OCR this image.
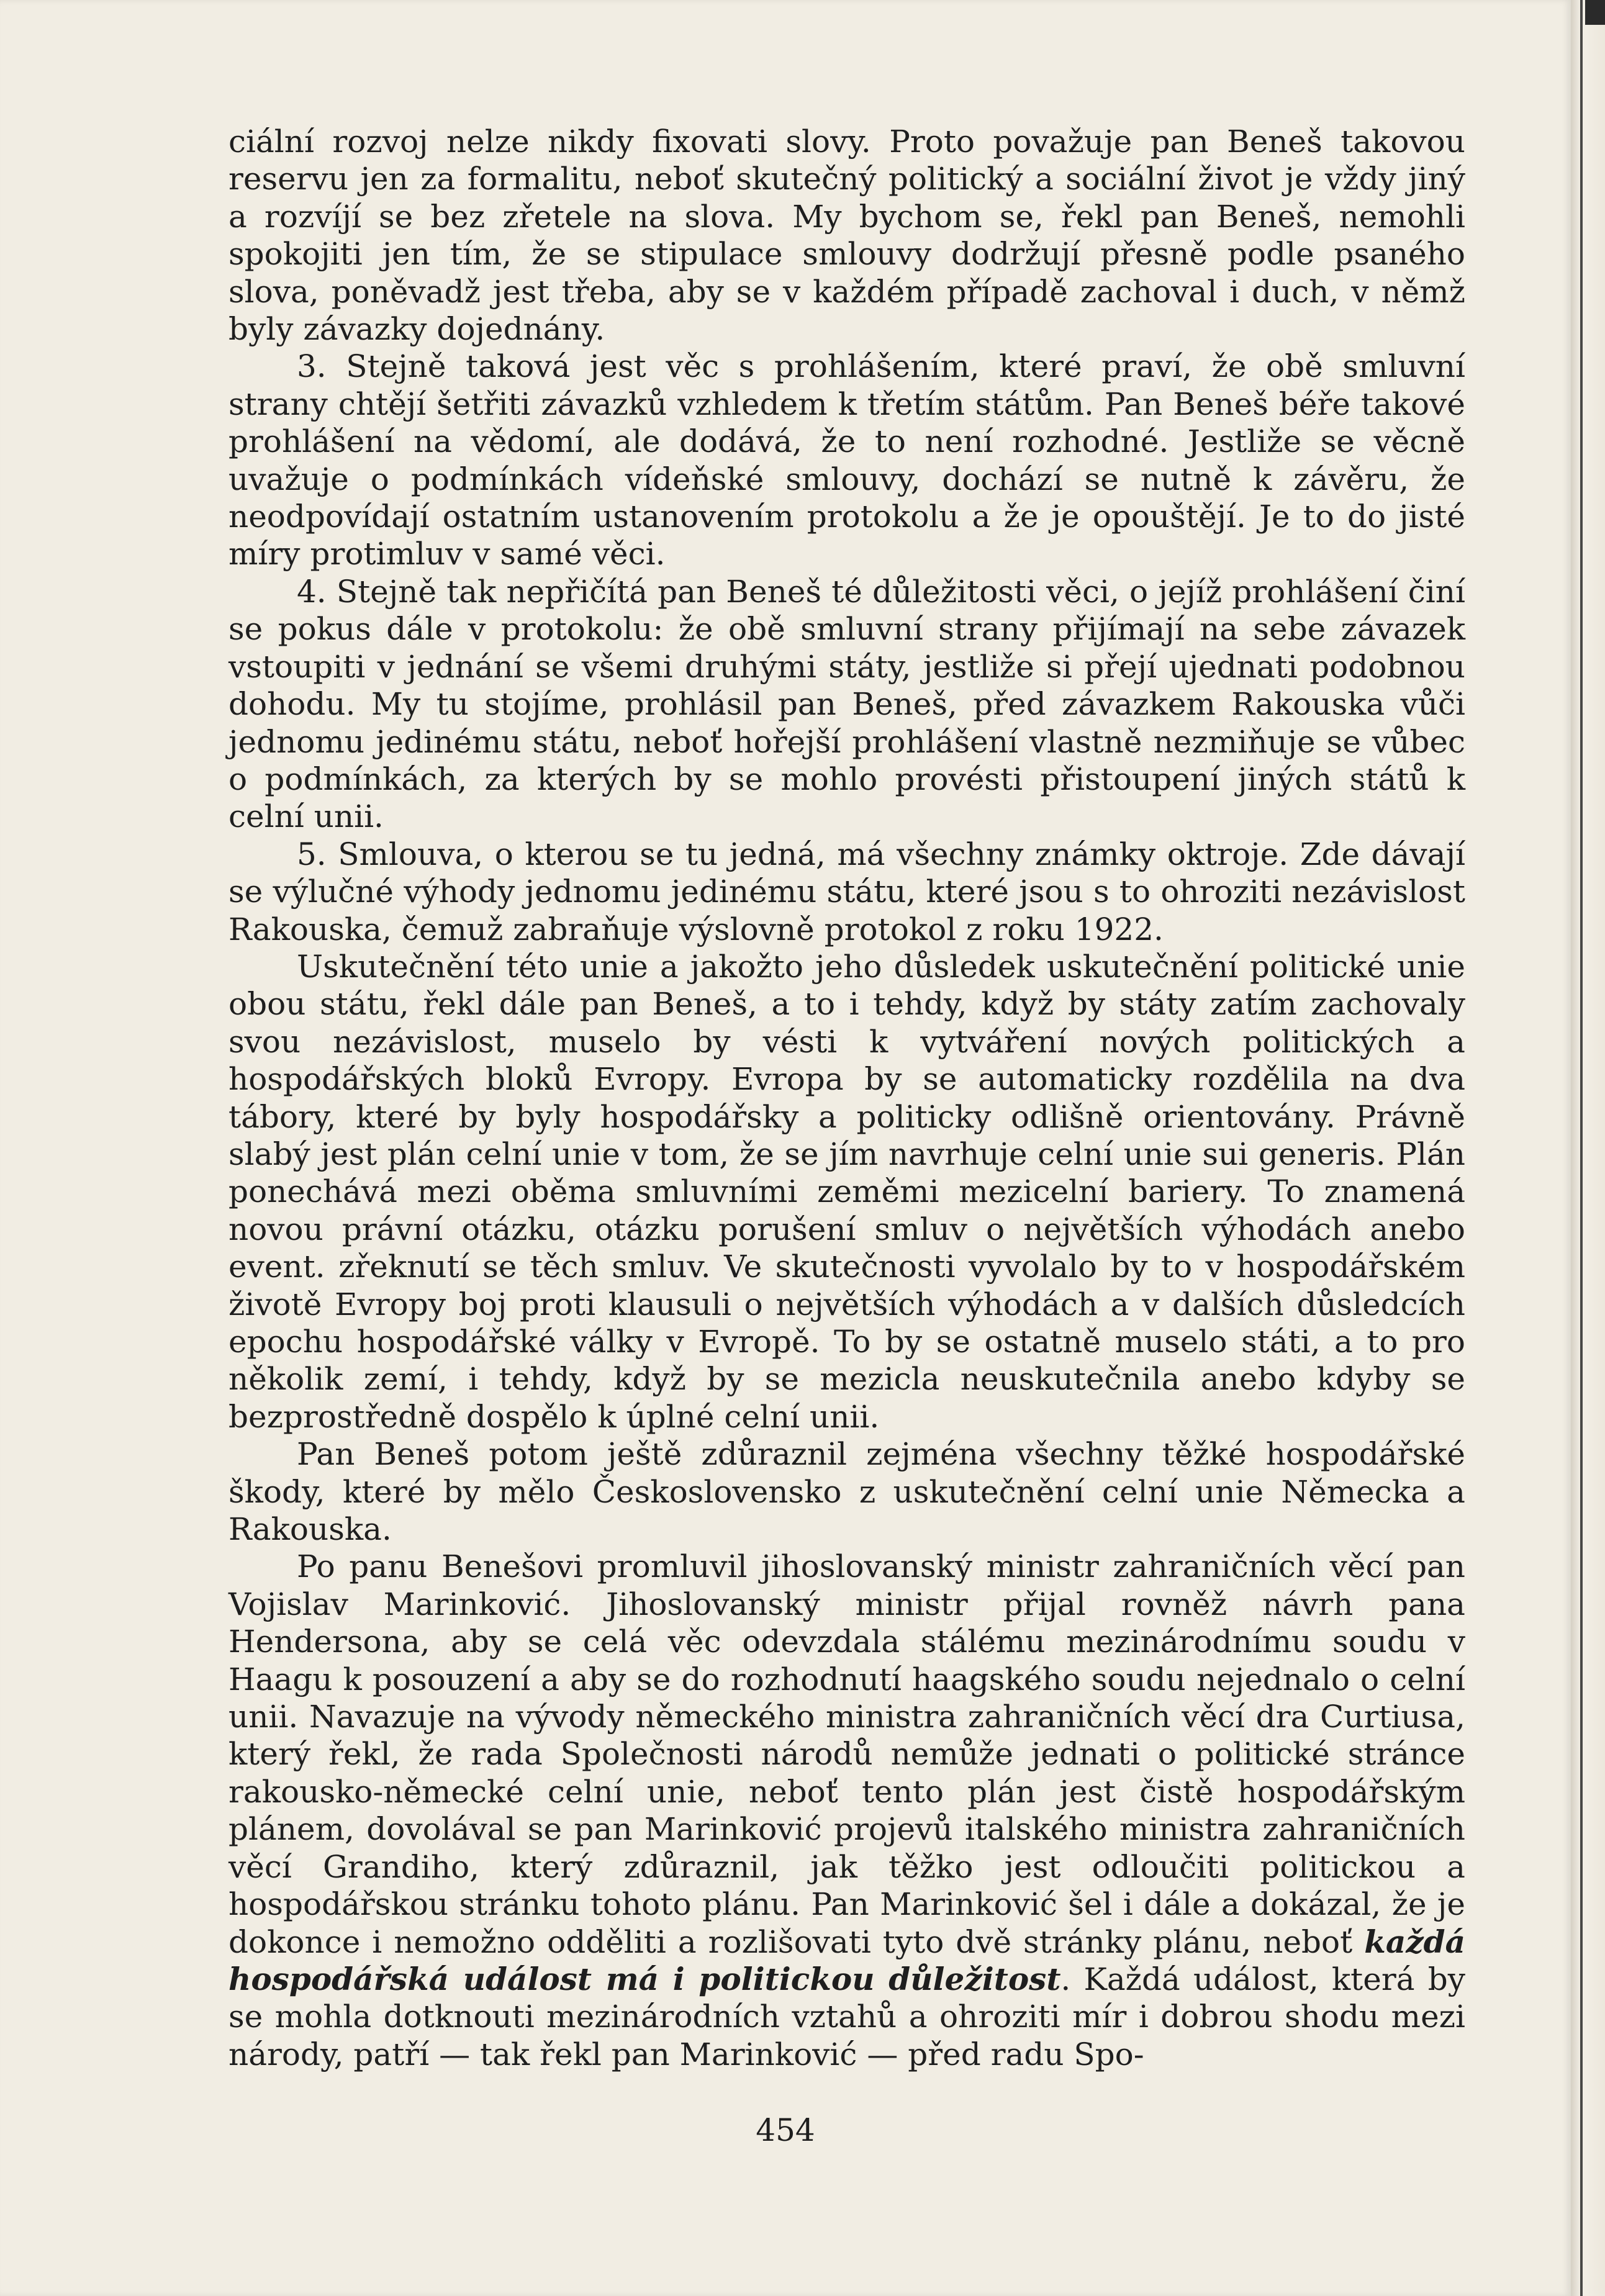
ciální rozvoj nelze nikdy fixovati slovy. Proto považuje pan Beneš takovou reservu jen za formalitu, neboť skutečný politický a sociální život je vždy jiný a rozvíjí se bez zřetele na slova. My bychom se, řekl pan Beneš, nemohli spokojiti jen tím, že se stipulace smlouvy dodržují přesně podle psaného slova, poněvadž jest třeba, aby se v každém případě zachoval i duch, v němž byly závazky dojednány.

3. Stejně taková jest věc s prohlášením, které praví, že obě smluvní strany chtějí šetřiti závazků vzhledem k třetím státům. Pan Beneš béře takové prohlášení na vědomí, ale dodává, že to není rozhodné. Jestliže se věcně uvažuje o podmínkách vídeňské smlouvy, dochází se nutně k závěru, že neodpovídají ostatním ustanovením protokolu a že je opouštějí. Je to do jisté míry protimluv v samé věci.

4. Stejně tak nepřičítá pan Beneš té důležitosti věci, o jejíž prohlášení činí se pokus dále v protokolu: že obě smluvní strany přijímají na sebe závazek vstoupiti v jednání se všemi druhými státy, jestliže si přejí ujednati podobnou dohodu. My tu stojíme, prohlásil pan Beneš, před závazkem Rakouska vůči jednomu jedinému státu, neboť hořejší prohlášení vlastně nezmiňuje se vůbec o podmínkách, za kterých by se mohlo provésti přistoupení jiných států k celní unii.

5. Smlouva, o kterou se tu jedná, má všechny známky oktroje. Zde dávají se výlučné výhody jednomu jedinému státu, které jsou s to ohroziti nezávislost Rakouska, čemuž zabraňuje výslovně protokol z roku 1922.

Uskutečnění této unie a jakožto jeho důsledek uskutečnění politické unie obou státu, řekl dále pan Beneš, a to i tehdy, když by státy zatím zachovaly svou nezávislost, muselo by vésti k vytváření nových politických a hospodářských bloků Evropy. Evropa by se automaticky rozdělila na dva tábory, které by byly hospodářsky a politicky odlišně orientovány. Právně slabý jest plán celní unie v tom, že se jím navrhuje celní unie sui generis. Plán ponechává mezi oběma smluvními zeměmi mezicelní bariery. To znamená novou právní otázku, otázku porušení smluv o největších výhodách anebo event. zřeknutí se těch smluv. Ve skutečnosti vyvolalo by to v hospodářském životě Evropy boj proti klausuli o největších výhodách a v dalších důsledcích epochu hospodářské války v Evropě. To by se ostatně muselo státi, a to pro několik zemí, i tehdy, když by se mezicla neuskutečnila anebo kdyby se bezprostředně dospělo k úplné celní unii.

Pan Beneš potom ještě zdůraznil zejména všechny těžké hospodářské škody, které by mělo Československo z uskutečnění celní unie Německa a Rakouska.

Po panu Benešovi promluvil jihoslovanský ministr zahraničních věcí pan Vojislav Marinković. Jihoslovanský ministr přijal rovněž návrh pana Hendersona, aby se celá věc odevzdala stálému mezinárodnímu soudu v Haagu k posouzení a aby se do rozhodnutí haagského soudu nejednalo o celní unii. Navazuje na vývody německého ministra zahraničních věcí dra Curtiusa, který řekl, že rada Společnosti národů nemůže jednati o politické stránce rakousko-německé celní unie, neboť tento plán jest čistě hospodářským plánem, dovolával se pan Marinković projevů italského ministra zahraničních věcí Grandiho, který zdůraznil, jak těžko jest odloučiti politickou a hospodářskou stránku tohoto plánu. Pan Marinković šel i dále a dokázal, že je dokonce i nemožno odděliti a rozlišovati tyto dvě stránky plánu, neboť každá hospodářská událost má i politickou důležitost. Každá událost, která by se mohla dotknouti mezinárodních vztahů a ohroziti mír i dobrou shodu mezi národy, patří — tak řekl pan Marinković — před radu Spo-

454
